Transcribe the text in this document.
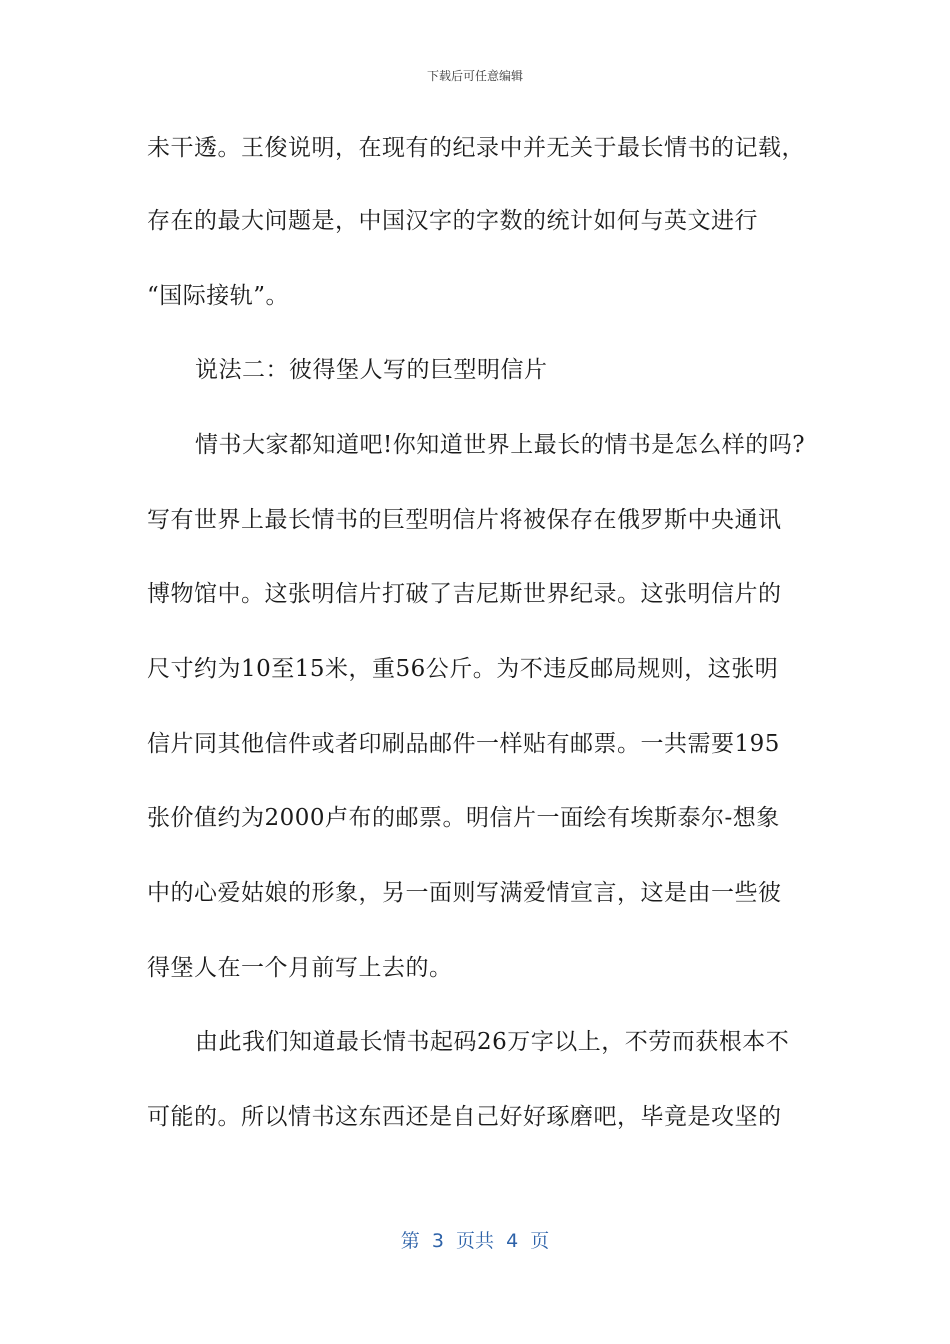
下载后可任意编辑
未干透。王俊说明，在现有的纪录中并无关于最长情书的记载，
存在的最大问题是，中国汉字的字数的统计如何与英文进行
“国际接轨”。
说法二：彼得堡人写的巨型明信片
情书大家都知道吧!你知道世界上最长的情书是怎么样的吗?
写有世界上最长情书的巨型明信片将被保存在俄罗斯中央通讯
博物馆中。这张明信片打破了吉尼斯世界纪录。这张明信片的
尺寸约为10至15米，重56公斤。为不违反邮局规则，这张明
信片同其他信件或者印刷品邮件一样贴有邮票。一共需要195
张价值约为2000卢布的邮票。明信片一面绘有埃斯泰尔-想象
中的心爱姑娘的形象，另一面则写满爱情宣言，这是由一些彼
得堡人在一个月前写上去的。
由此我们知道最长情书起码26万字以上，不劳而获根本不
可能的。所以情书这东西还是自己好好琢磨吧，毕竟是攻坚的
第  3  页共  4  页
